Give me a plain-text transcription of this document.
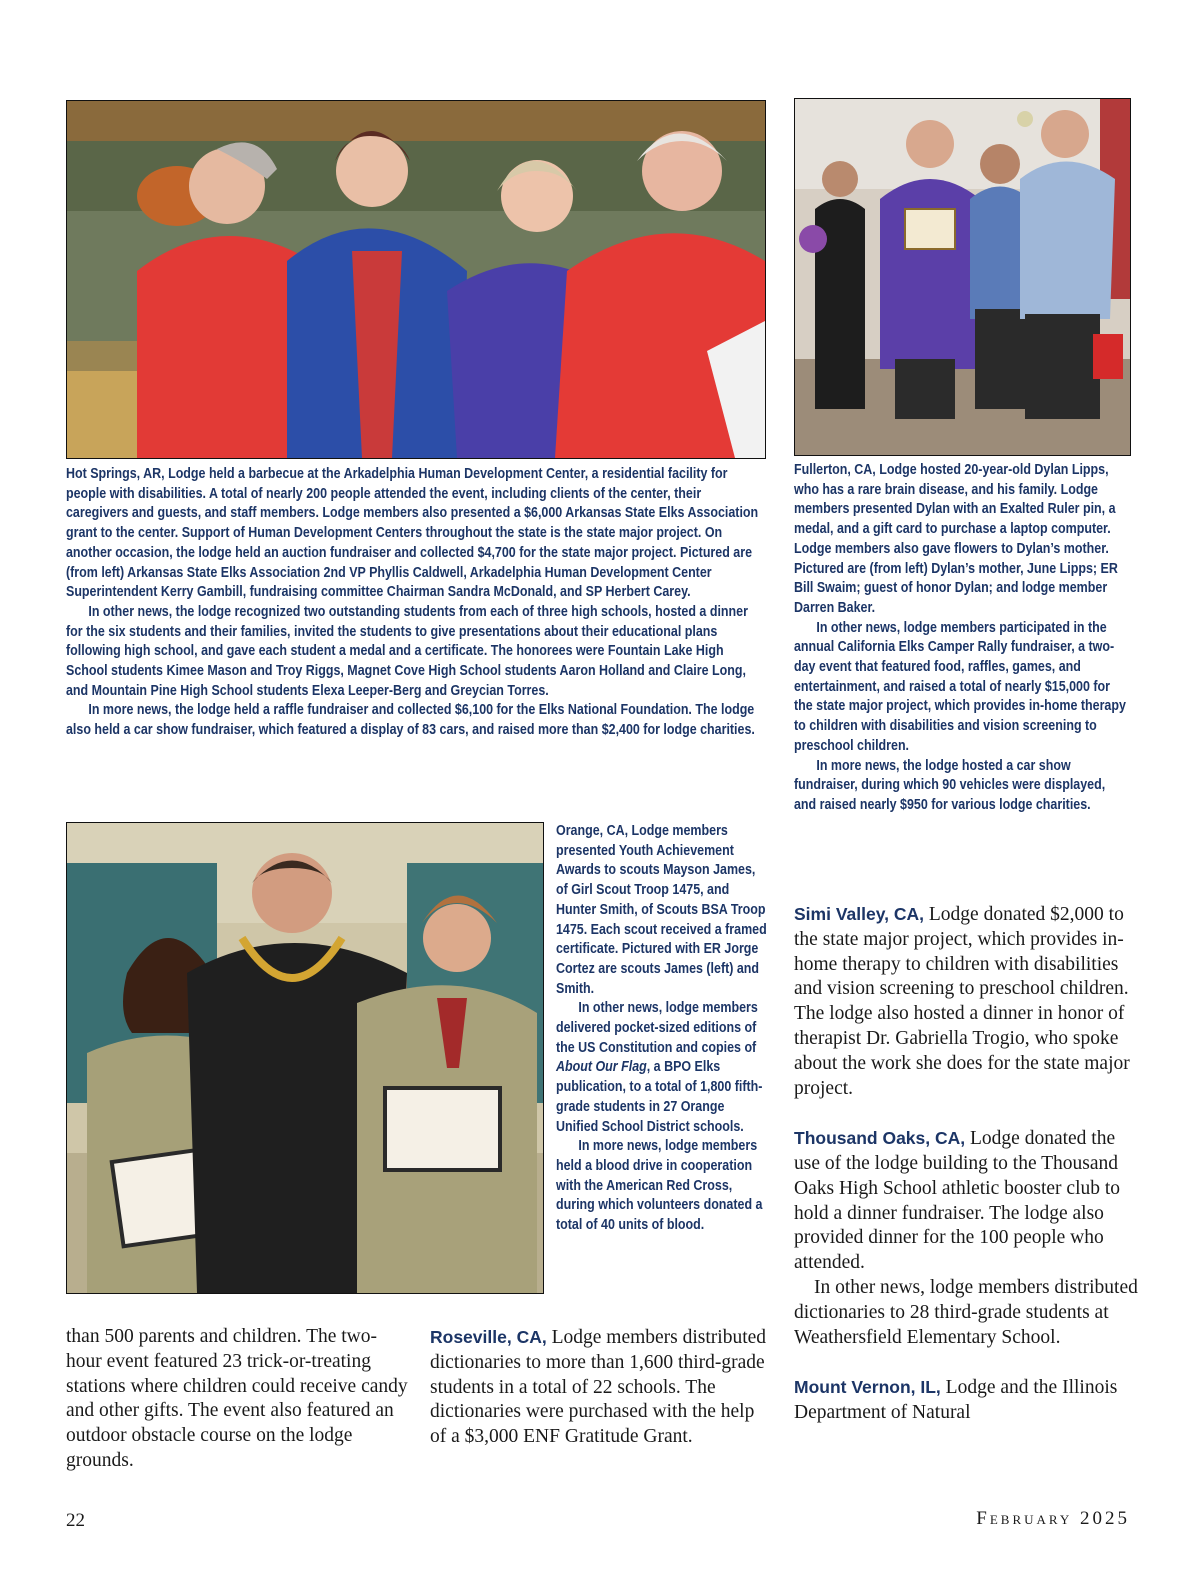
Hot Springs, AR, Lodge held a barbecue at the Arkadelphia Human Development Center, a residential facility for people with disabilities. A total of nearly 200 people attended the event, including clients of the center, their caregivers and guests, and staff members. Lodge members also presented a $6,000 Arkansas State Elks Association grant to the center. Support of Human Development Centers throughout the state is the state major project. On another occasion, the lodge held an auction fundraiser and collected $4,700 for the state major project. Pictured are (from left) Arkansas State Elks Association 2nd VP Phyllis Caldwell, Arkadelphia Human Development Center Superintendent Kerry Gambill, fundraising committee Chairman Sandra McDonald, and SP Herbert Carey.

In other news, the lodge recognized two outstanding students from each of three high schools, hosted a dinner for the six students and their families, invited the students to give presentations about their educational plans following high school, and gave each student a medal and a certificate. The honorees were Fountain Lake High School students Kimee Mason and Troy Riggs, Magnet Cove High School students Aaron Holland and Claire Long, and Mountain Pine High School students Elexa Leeper-Berg and Greycian Torres.

In more news, the lodge held a raffle fundraiser and collected $6,100 for the Elks National Foundation. The lodge also held a car show fundraiser, which featured a display of 83 cars, and raised more than $2,400 for lodge charities.

Fullerton, CA, Lodge hosted 20-year-old Dylan Lipps, who has a rare brain disease, and his family. Lodge members presented Dylan with an Exalted Ruler pin, a medal, and a gift card to purchase a laptop computer. Lodge members also gave flowers to Dylan’s mother. Pictured are (from left) Dylan’s mother, June Lipps; ER Bill Swaim; guest of honor Dylan; and lodge member Darren Baker.

In other news, lodge members participated in the annual California Elks Camper Rally fundraiser, a two-day event that featured food, raffles, games, and entertainment, and raised a total of nearly $15,000 for the state major project, which provides in-home therapy to children with disabilities and vision screening to preschool children.

In more news, the lodge hosted a car show fundraiser, during which 90 vehicles were displayed, and raised nearly $950 for various lodge charities.

Orange, CA, Lodge members presented Youth Achievement Awards to scouts Mayson James, of Girl Scout Troop 1475, and Hunter Smith, of Scouts BSA Troop 1475. Each scout received a framed certificate. Pictured with ER Jorge Cortez are scouts James (left) and Smith.

In other news, lodge members delivered pocket-sized editions of the US Constitution and copies of About Our Flag, a BPO Elks publication, to a total of 1,800 fifth-grade students in 27 Orange Unified School District schools.

In more news, lodge members held a blood drive in cooperation with the American Red Cross, during which volunteers donated a total of 40 units of blood.

than 500 parents and children. The two-hour event featured 23 trick-or-treating stations where children could receive candy and other gifts. The event also featured an outdoor obstacle course on the lodge grounds.

Roseville, CA, Lodge members distributed dictionaries to more than 1,600 third-grade students in a total of 22 schools. The dictionaries were purchased with the help of a $3,000 ENF Gratitude Grant.

Simi Valley, CA, Lodge donated $2,000 to the state major project, which provides in-home therapy to children with disabilities and vision screening to preschool children. The lodge also hosted a dinner in honor of therapist Dr. Gabriella Trogio, who spoke about the work she does for the state major project.

Thousand Oaks, CA, Lodge donated the use of the lodge building to the Thousand Oaks High School athletic booster club to hold a dinner fundraiser. The lodge also provided dinner for the 100 people who attended.

In other news, lodge members distributed dictionaries to 28 third-grade students at Weathersfield Elementary School.

Mount Vernon, IL, Lodge and the Illinois Department of Natural

22	February 2025
